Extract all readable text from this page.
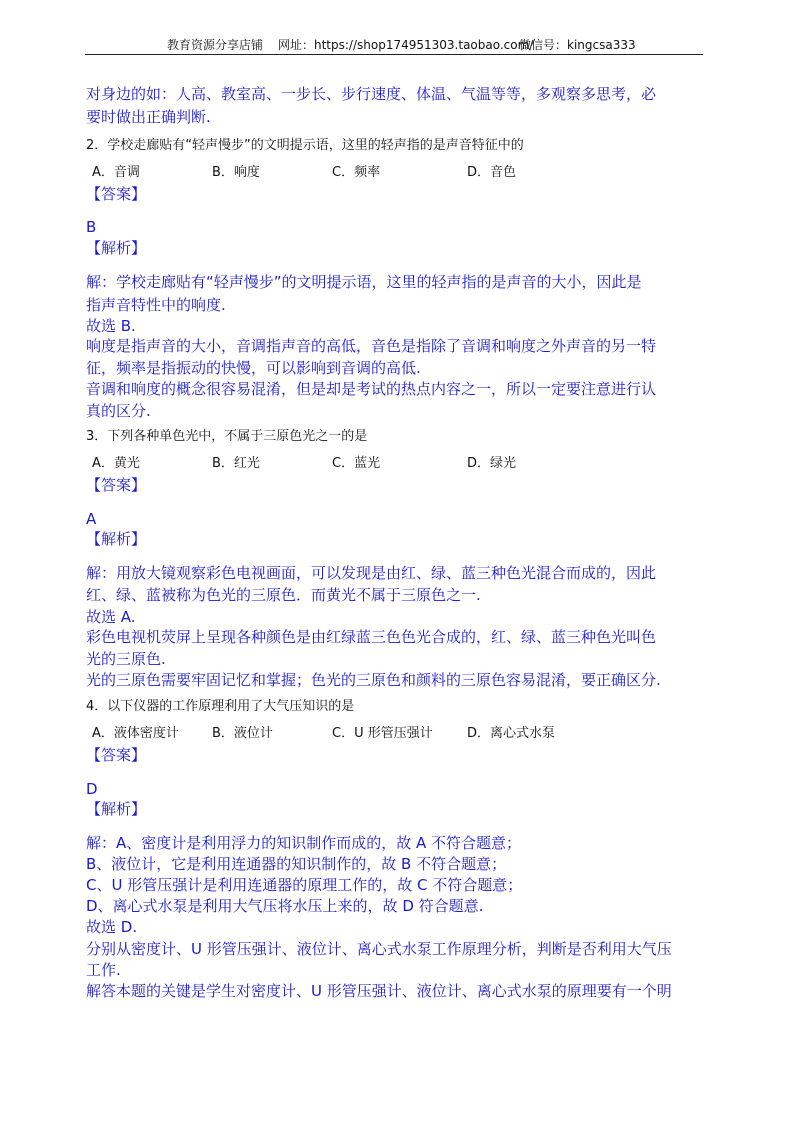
教育资源分享店铺 网址：https://shop174951303.taobao.com/
微信号：kingcsa333
对身边的如：人高、教室高、一步长、步行速度、体温、气温等等，多观察多思考，必
要时做出正确判断.
2．学校走廊贴有“轻声慢步”的文明提示语，这里的轻声指的是声音特征中的
A．音调	B．响度	C．频率	D．音色
【答案】
B
【解析】
解：学校走廊贴有“轻声慢步”的文明提示语，这里的轻声指的是声音的大小，因此是
指声音特性中的响度.
故选 B.
响度是指声音的大小，音调指声音的高低，音色是指除了音调和响度之外声音的另一特
征，频率是指振动的快慢，可以影响到音调的高低.
音调和响度的概念很容易混淆，但是却是考试的热点内容之一，所以一定要注意进行认
真的区分.
3．下列各种单色光中，不属于三原色光之一的是
A．黄光	B．红光	C．蓝光	D．绿光
【答案】
A
【解析】
解：用放大镜观察彩色电视画面，可以发现是由红、绿、蓝三种色光混合而成的，因此
红、绿、蓝被称为色光的三原色．而黄光不属于三原色之一.
故选 A.
彩色电视机荧屏上呈现各种颜色是由红绿蓝三色色光合成的，红、绿、蓝三种色光叫色
光的三原色.
光的三原色需要牢固记忆和掌握；色光的三原色和颜料的三原色容易混淆，要正确区分.
4．以下仪器的工作原理利用了大气压知识的是
A．液体密度计	B．液位计	C．U 形管压强计	D．离心式水泵
【答案】
D
【解析】
解：A、密度计是利用浮力的知识制作而成的，故 A 不符合题意；
B、液位计，它是利用连通器的知识制作的，故 B 不符合题意；
C、U 形管压强计是利用连通器的原理工作的，故 C 不符合题意；
D、离心式水泵是利用大气压将水压上来的，故 D 符合题意.
故选 D.
分别从密度计、U 形管压强计、液位计、离心式水泵工作原理分析，判断是否利用大气压
工作.
解答本题的关键是学生对密度计、U 形管压强计、液位计、离心式水泵的原理要有一个明
